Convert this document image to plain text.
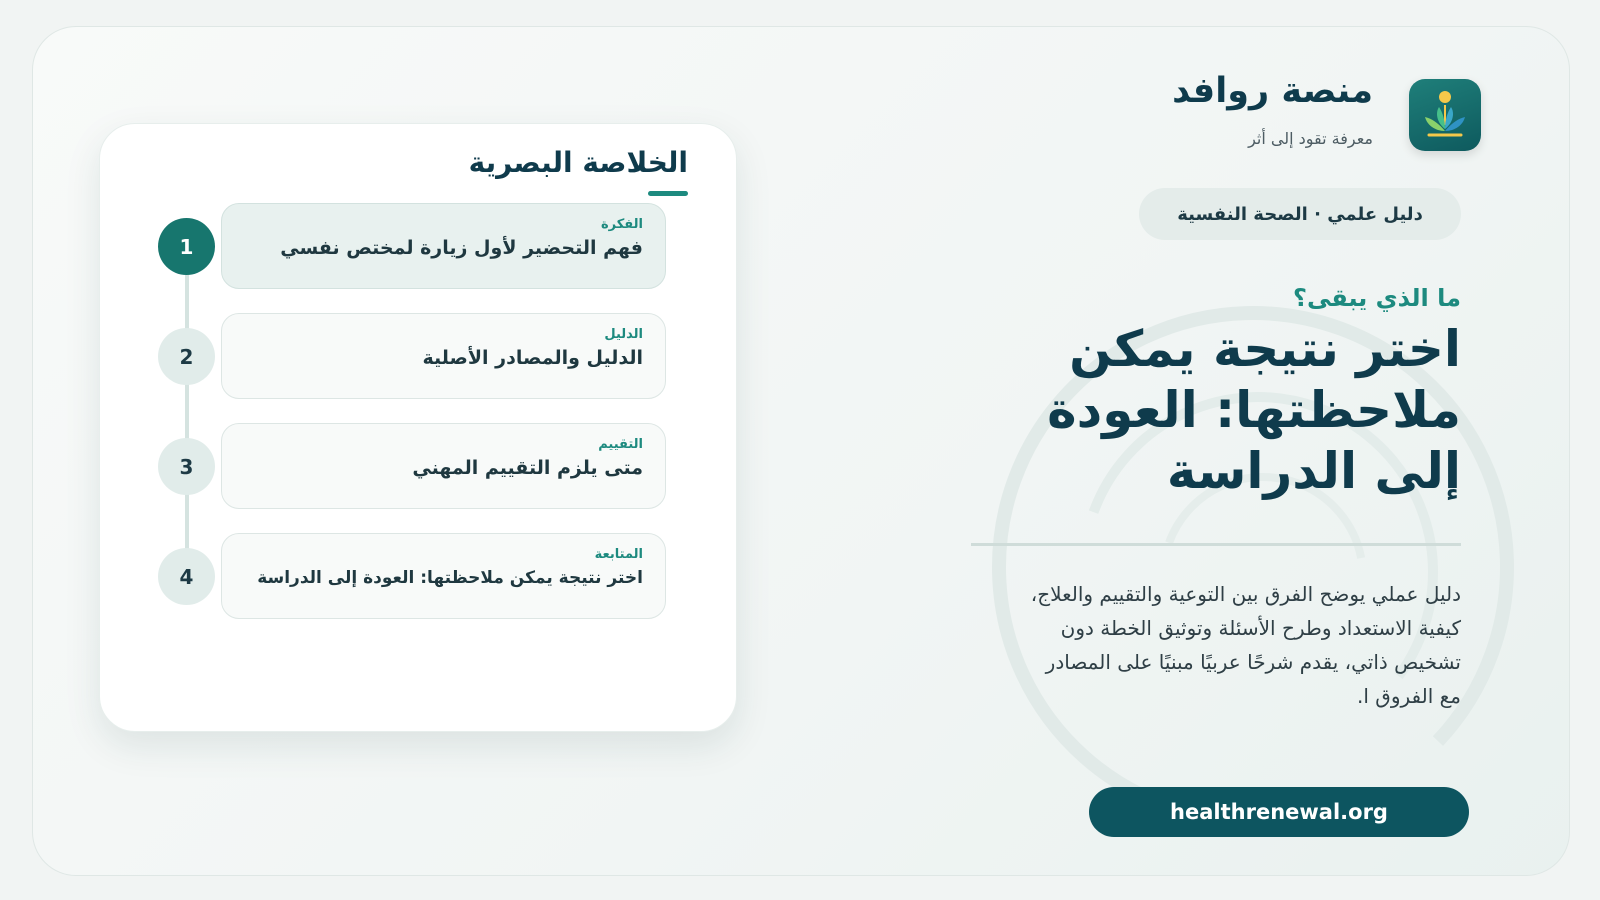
منصة روافد
معرفة تقود إلى أثر
دليل علمي · الصحة النفسية
ما الذي يبقى؟
اختر نتيجة يمكن ملاحظتها: العودة إلى الدراسة
دليل عملي يوضح الفرق بين التوعية والتقييم والعلاج، كيفية الاستعداد وطرح الأسئلة وتوثيق الخطة دون تشخيص ذاتي، يقدم شرحًا عربيًا مبنيًا على المصادر مع الفروق ا.
healthrenewal.org
الخلاصة البصرية
1
الفكرة
فهم التحضير لأول زيارة لمختص نفسي
2
الدليل
الدليل والمصادر الأصلية
3
التقييم
متى يلزم التقييم المهني
4
المتابعة
اختر نتيجة يمكن ملاحظتها: العودة إلى الدراسة
